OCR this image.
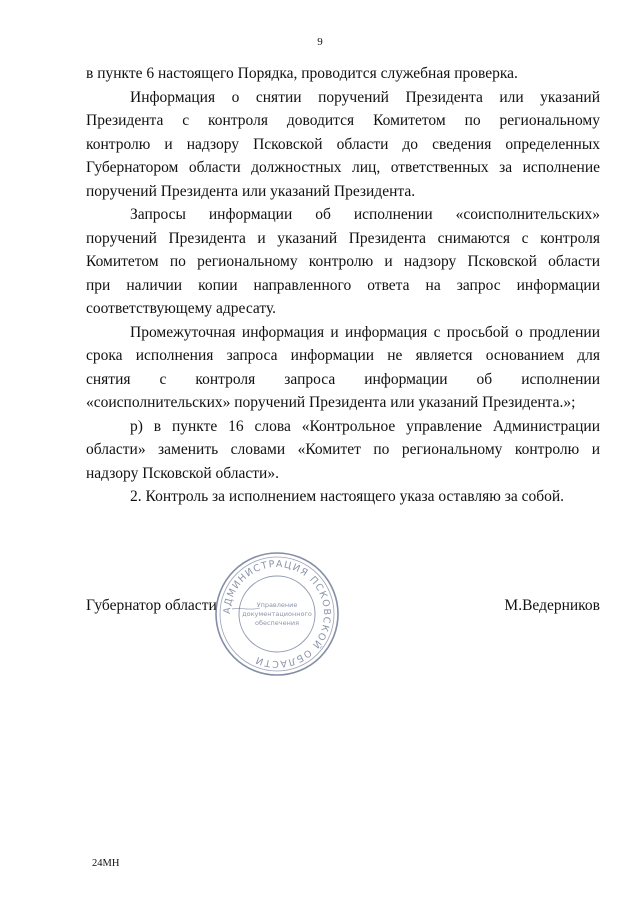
9
в пункте 6 настоящего Порядка, проводится служебная проверка.
Информация о снятии поручений Президента или указаний
Президента с контроля доводится Комитетом по региональному
контролю и надзору Псковской области до сведения определенных
Губернатором области должностных лиц, ответственных за исполнение
поручений Президента или указаний Президента.
Запросы информации об исполнении «соисполнительских»
поручений Президента и указаний Президента снимаются с контроля
Комитетом по региональному контролю и надзору Псковской области
при наличии копии направленного ответа на запрос информации
соответствующему адресату.
Промежуточная информация и информация с просьбой о продлении
срока исполнения запроса информации не является основанием для
снятия с контроля запроса информации об исполнении
«соисполнительских» поручений Президента или указаний Президента.»;
р) в пункте 16 слова «Контрольное управление Администрации
области» заменить словами «Комитет по региональному контролю и
надзору Псковской области».
2. Контроль за исполнением настоящего указа оставляю за собой.
Губернатор области	М.Ведерников
АДМИНИСТРАЦИЯ ПСКОВСКОЙ ОБЛАСТИ
Управление
документационного
обеспечения
24МН
